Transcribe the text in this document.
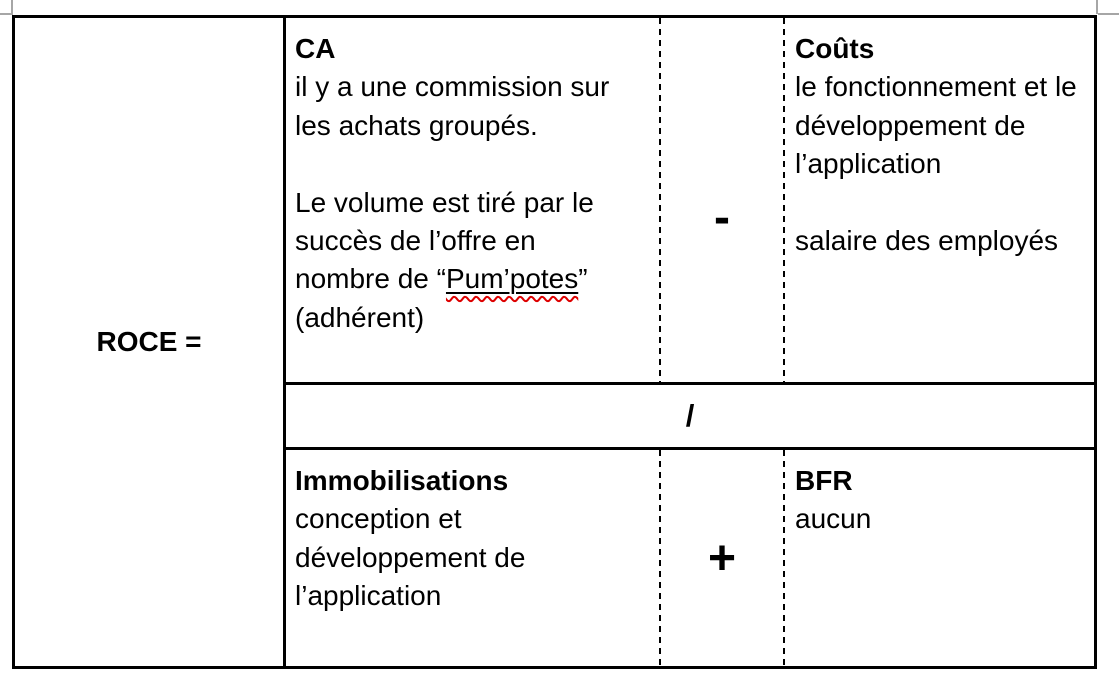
ROCE =
CA
il y a une commission sur
les achats groupés.
Le volume est tiré par le
succès de l’offre en
nombre de “Pum’potes”
(adhérent)
-
Coûts
le fonctionnement et le
développement de
l’application
salaire des employés
/
Immobilisations
conception et
développement de
l’application
+
BFR
aucun
